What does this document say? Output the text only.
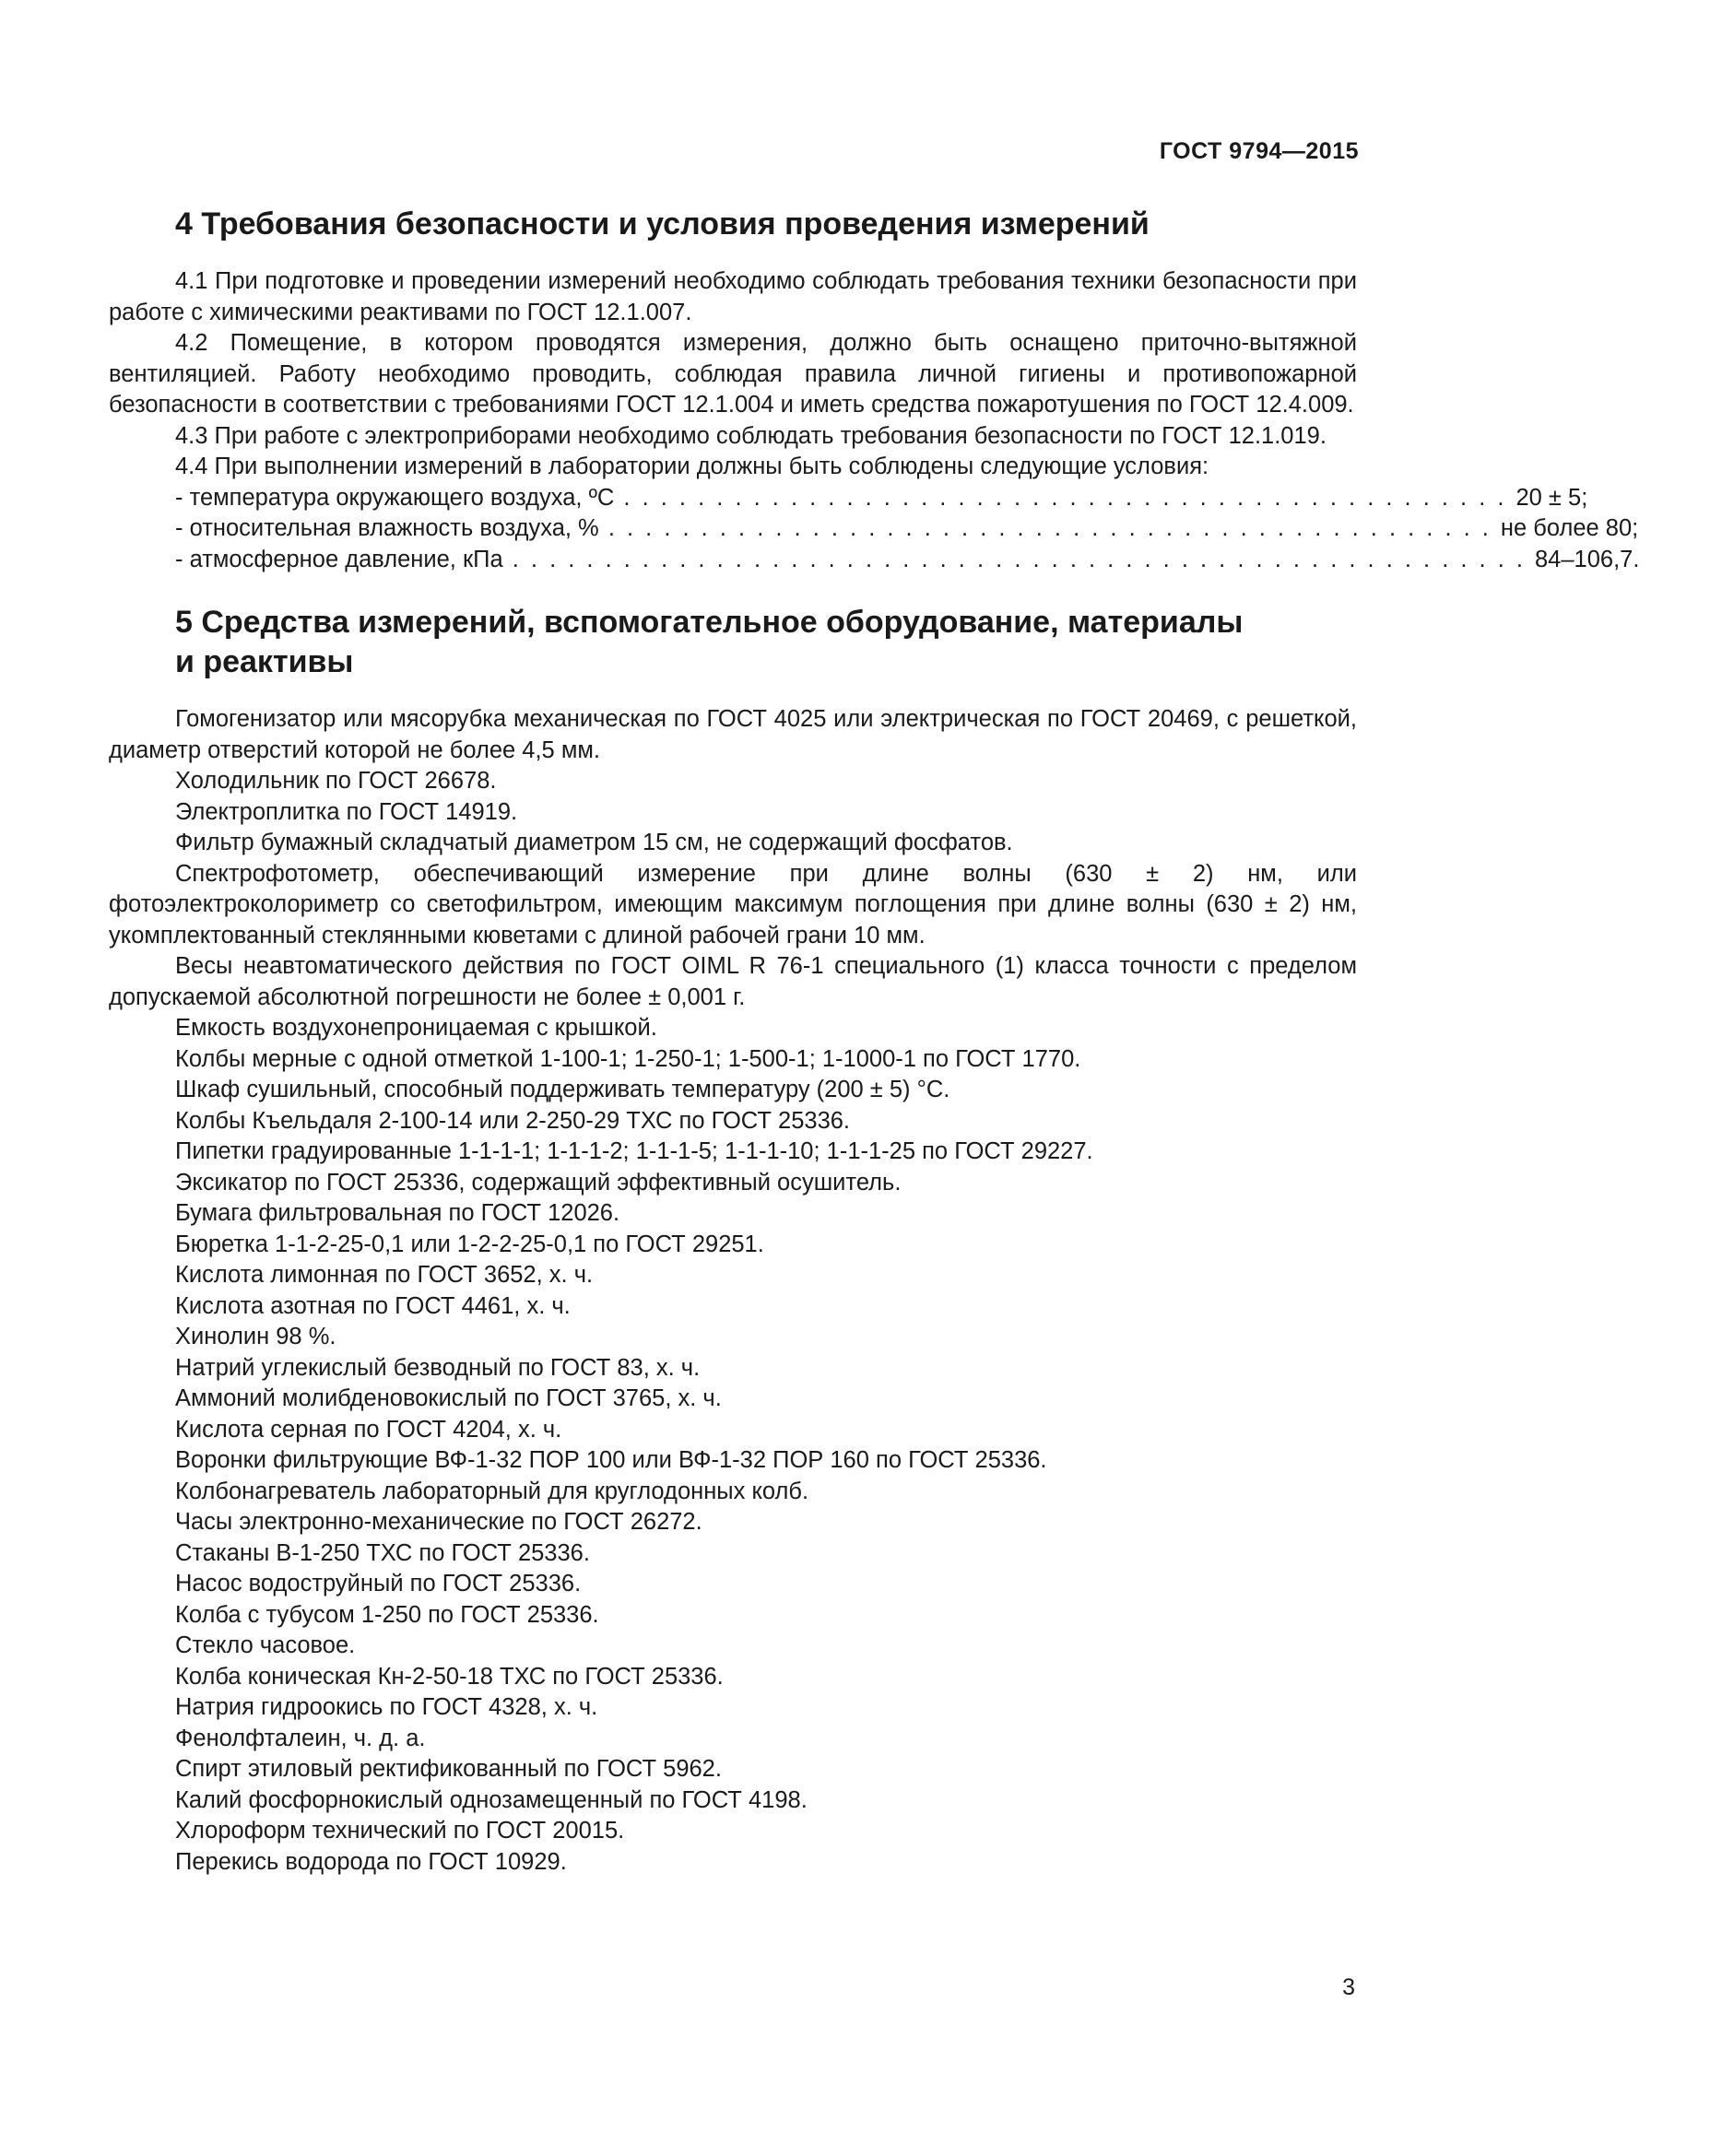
ГОСТ 9794—2015
4 Требования безопасности и условия проведения измерений

4.1 При подготовке и проведении измерений необходимо соблюдать требования техники безопасности при работе с химическими реактивами по ГОСТ 12.1.007.

4.2 Помещение, в котором проводятся измерения, должно быть оснащено приточно-вытяжной вентиляцией. Работу необходимо проводить, соблюдая правила личной гигиены и противопожарной безопасности в соответствии с требованиями ГОСТ 12.1.004 и иметь средства пожаротушения по ГОСТ 12.4.009.

4.3 При работе с электроприборами необходимо соблюдать требования безопасности по ГОСТ 12.1.019.

4.4 При выполнении измерений в лаборатории должны быть соблюдены следующие условия:

- температура окружающего воздуха, ºС . . . . . . . . . . . . . . . . . . . . . . . . . . . . . . . . . . . . . . . . . . . . . . . . 20 ± 5;
- относительная влажность воздуха, % . . . . . . . . . . . . . . . . . . . . . . . . . . . . . . . . . . . . . . . . . . . . . . . . не более 80;
- атмосферное давление, кПа . . . . . . . . . . . . . . . . . . . . . . . . . . . . . . . . . . . . . . . . . . . . . . . . . . . . . . . 84–106,7.
5 Средства измерений, вспомогательное оборудование, материалы
и реактивы

Гомогенизатор или мясорубка механическая по ГОСТ 4025 или электрическая по ГОСТ 20469, с решеткой, диаметр отверстий которой не более 4,5 мм.

Холодильник по ГОСТ 26678.

Электроплитка по ГОСТ 14919.

Фильтр бумажный складчатый диаметром 15 см, не содержащий фосфатов.

Спектрофотометр, обеспечивающий измерение при длине волны (630 ± 2) нм, или фотоэлектроколориметр со светофильтром, имеющим максимум поглощения при длине волны (630 ± 2) нм, укомплектованный стеклянными кюветами с длиной рабочей грани 10 мм.

Весы неавтоматического действия по ГОСТ OIML R 76-1 специального (1) класса точности с пределом допускаемой абсолютной погрешности не более ± 0,001 г.

Емкость воздухонепроницаемая с крышкой.

Колбы мерные с одной отметкой 1-100-1; 1-250-1; 1-500-1; 1-1000-1 по ГОСТ 1770.

Шкаф сушильный, способный поддерживать температуру (200 ± 5) °С.

Колбы Къельдаля 2-100-14 или 2-250-29 ТХС по ГОСТ 25336.

Пипетки градуированные 1-1-1-1; 1-1-1-2; 1-1-1-5; 1-1-1-10; 1-1-1-25 по ГОСТ 29227.

Эксикатор по ГОСТ 25336, содержащий эффективный осушитель.

Бумага фильтровальная по ГОСТ 12026.

Бюретка 1-1-2-25-0,1 или 1-2-2-25-0,1 по ГОСТ 29251.

Кислота лимонная по ГОСТ 3652, х. ч.

Кислота азотная по ГОСТ 4461, х. ч.

Хинолин 98 %.

Натрий углекислый безводный по ГОСТ 83, х. ч.

Аммоний молибденовокислый по ГОСТ 3765, х. ч.

Кислота серная по ГОСТ 4204, х. ч.

Воронки фильтрующие ВФ-1-32 ПОР 100 или ВФ-1-32 ПОР 160 по ГОСТ 25336.

Колбонагреватель лабораторный для круглодонных колб.

Часы электронно-механические по ГОСТ 26272.

Стаканы В-1-250 ТХС по ГОСТ 25336.

Насос водоструйный по ГОСТ 25336.

Колба с тубусом 1-250 по ГОСТ 25336.

Стекло часовое.

Колба коническая Кн-2-50-18 ТХС по ГОСТ 25336.

Натрия гидроокись по ГОСТ 4328, х. ч.

Фенолфталеин, ч. д. а.

Спирт этиловый ректификованный по ГОСТ 5962.

Калий фосфорнокислый однозамещенный по ГОСТ 4198.

Хлороформ технический по ГОСТ 20015.

Перекись водорода по ГОСТ 10929.

3
